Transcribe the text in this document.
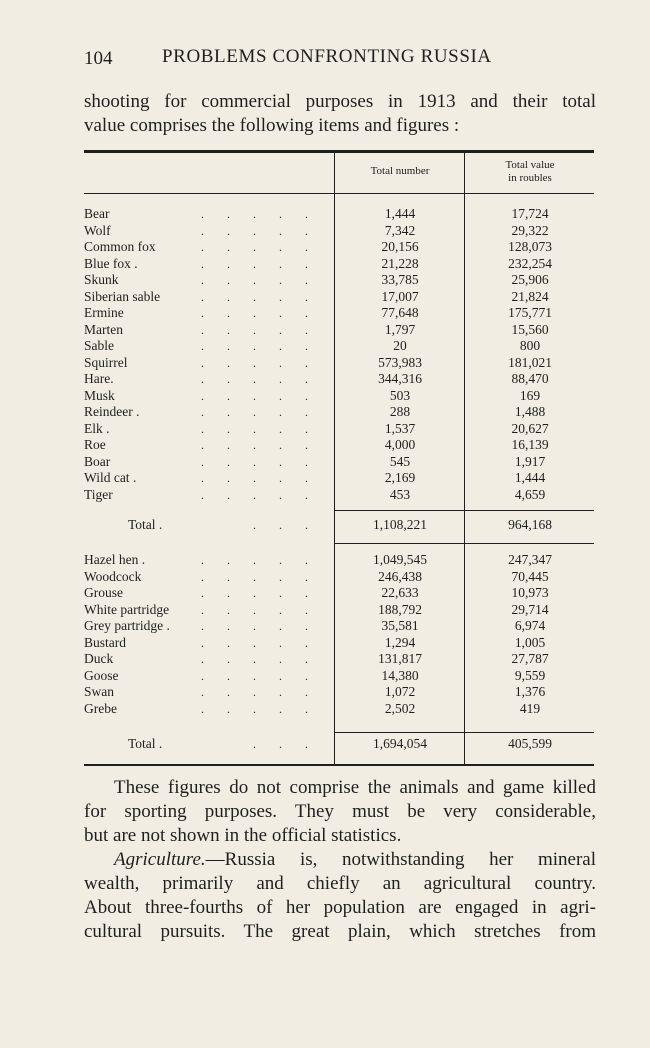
104	PROBLEMS CONFRONTING RUSSIA
shooting for commercial purposes in 1913 and their total
value comprises the following items and figures :
Total number	Total value
in roubles
Bear	. . . . .	1,444	17,724
Wolf	. . . . .	7,342	29,322
Common fox	. . . . .	20,156	128,073
Blue fox .	. . . . .	21,228	232,254
Skunk	. . . . .	33,785	25,906
Siberian sable	. . . . .	17,007	21,824
Ermine	. . . . .	77,648	175,771
Marten	. . . . .	1,797	15,560
Sable	. . . . .	20	800
Squirrel	. . . . .	573,983	181,021
Hare.	. . . . .	344,316	88,470
Musk	. . . . .	503	169
Reindeer .	. . . . .	288	1,488
Elk .	. . . . .	1,537	20,627
Roe	. . . . .	4,000	16,139
Boar	. . . . .	545	1,917
Wild cat .	. . . . .	2,169	1,444
Tiger	. . . . .	453	4,659
Total .	. . .	1,108,221	964,168
Hazel hen .	. . . . .	1,049,545	247,347
Woodcock	. . . . .	246,438	70,445
Grouse	. . . . .	22,633	10,973
White partridge	. . . . .	188,792	29,714
Grey partridge .	. . . . .	35,581	6,974
Bustard	. . . . .	1,294	1,005
Duck	. . . . .	131,817	27,787
Goose	. . . . .	14,380	9,559
Swan	. . . . .	1,072	1,376
Grebe	. . . . .	2,502	419
Total .	. . .	1,694,054	405,599
These figures do not comprise the animals and game killed
for sporting purposes. They must be very considerable,
but are not shown in the official statistics.
Agriculture.—Russia is, notwithstanding her mineral
wealth, primarily and chiefly an agricultural country.
About three-fourths of her population are engaged in agri-
cultural pursuits. The great plain, which stretches from
